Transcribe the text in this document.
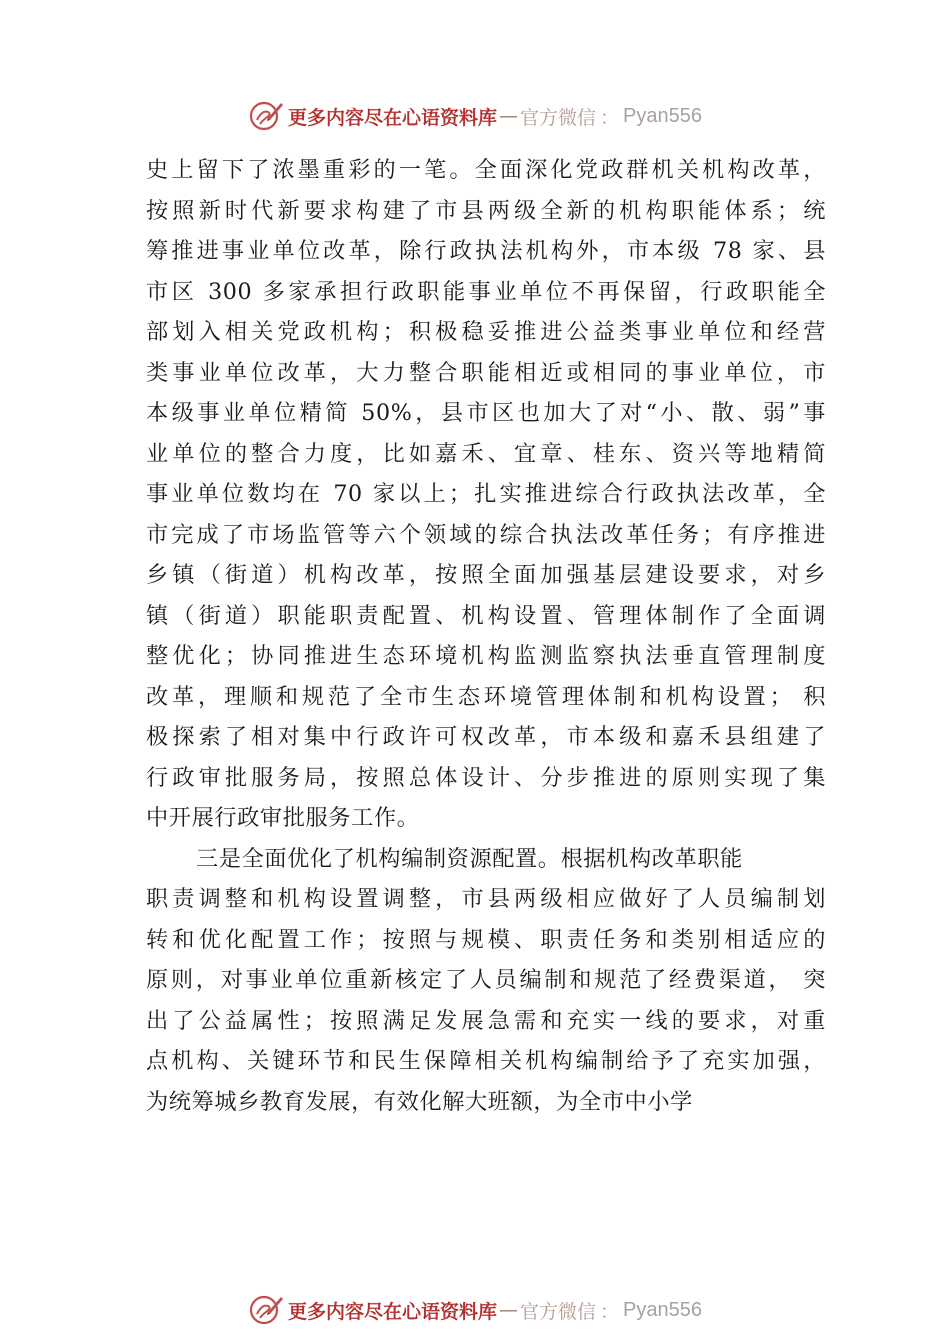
更多内容尽在心语资料库 — 官方微信 ： Pyan556
史上留下了浓墨重彩的一笔。全面深化党政群机关机构改革，
按照新时代新要求构建了市县两级全新的机构职能体系；统
筹推进事业单位改革，除行政执法机构外，市本级 78 家、县
市区 300 多家承担行政职能事业单位不再保留，行政职能全
部划入相关党政机构；积极稳妥推进公益类事业单位和经营
类事业单位改革，大力整合职能相近或相同的事业单位，市
本级事业单位精简 50%，县市区也加大了对“小、散、弱”事
业单位的整合力度，比如嘉禾、宜章、桂东、资兴等地精简
事业单位数均在 70 家以上；扎实推进综合行政执法改革，全
市完成了市场监管等六个领域的综合执法改革任务；有序推进
乡镇（街道）机构改革，按照全面加强基层建设要求，对乡
镇（街道）职能职责配置、机构设置、管理体制作了全面调
整优化；协同推进生态环境机构监测监察执法垂直管理制度
改革，理顺和规范了全市生态环境管理体制和机构设置； 积
极探索了相对集中行政许可权改革，市本级和嘉禾县组建了
行政审批服务局，按照总体设计、分步推进的原则实现了集
中开展行政审批服务工作。
三是全面优化了机构编制资源配置。根据机构改革职能
职责调整和机构设置调整，市县两级相应做好了人员编制划
转和优化配置工作；按照与规模、职责任务和类别相适应的
原则，对事业单位重新核定了人员编制和规范了经费渠道， 突
出了公益属性；按照满足发展急需和充实一线的要求，对重
点机构、关键环节和民生保障相关机构编制给予了充实加强，
为统筹城乡教育发展，有效化解大班额，为全市中小学
更多内容尽在心语资料库 — 官方微信 ： Pyan556
